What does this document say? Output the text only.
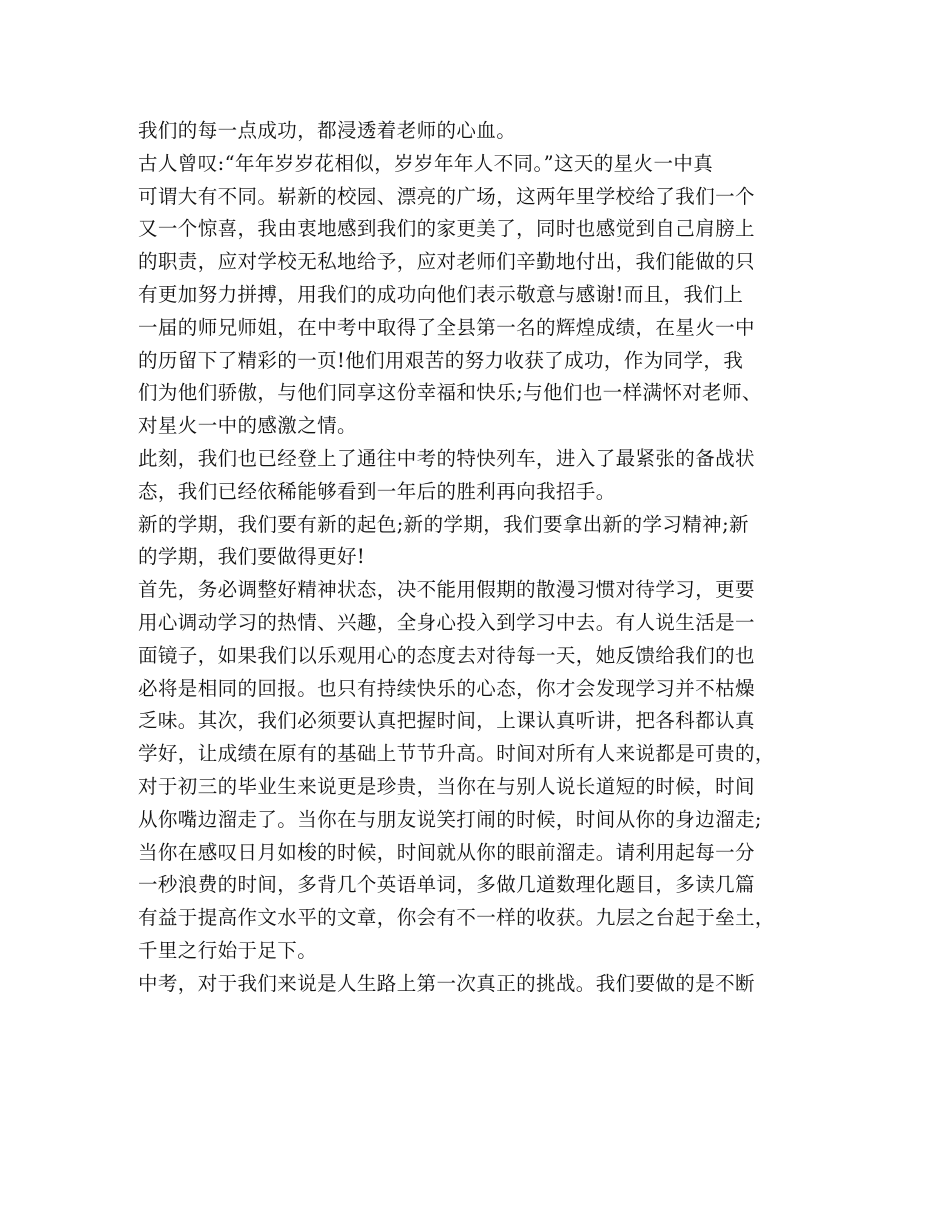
我们的每一点成功，都浸透着老师的心血。
古人曾叹:“年年岁岁花相似，岁岁年年人不同。”这天的星火一中真
可谓大有不同。崭新的校园、漂亮的广场，这两年里学校给了我们一个
又一个惊喜，我由衷地感到我们的家更美了，同时也感觉到自己肩膀上
的职责，应对学校无私地给予，应对老师们辛勤地付出，我们能做的只
有更加努力拼搏，用我们的成功向他们表示敬意与感谢!而且，我们上
一届的师兄师姐，在中考中取得了全县第一名的辉煌成绩，在星火一中
的历留下了精彩的一页!他们用艰苦的努力收获了成功，作为同学，我
们为他们骄傲，与他们同享这份幸福和快乐;与他们也一样满怀对老师、
对星火一中的感激之情。
此刻，我们也已经登上了通往中考的特快列车，进入了最紧张的备战状
态，我们已经依稀能够看到一年后的胜利再向我招手。
新的学期，我们要有新的起色;新的学期，我们要拿出新的学习精神;新
的学期，我们要做得更好!
首先，务必调整好精神状态，决不能用假期的散漫习惯对待学习，更要
用心调动学习的热情、兴趣，全身心投入到学习中去。有人说生活是一
面镜子，如果我们以乐观用心的态度去对待每一天，她反馈给我们的也
必将是相同的回报。也只有持续快乐的心态，你才会发现学习并不枯燥
乏味。其次，我们必须要认真把握时间，上课认真听讲，把各科都认真
学好，让成绩在原有的基础上节节升高。时间对所有人来说都是可贵的，
对于初三的毕业生来说更是珍贵，当你在与别人说长道短的时候，时间
从你嘴边溜走了。当你在与朋友说笑打闹的时候，时间从你的身边溜走;
当你在感叹日月如梭的时候，时间就从你的眼前溜走。请利用起每一分
一秒浪费的时间，多背几个英语单词，多做几道数理化题目，多读几篇
有益于提高作文水平的文章，你会有不一样的收获。九层之台起于垒土，
千里之行始于足下。
中考，对于我们来说是人生路上第一次真正的挑战。我们要做的是不断
